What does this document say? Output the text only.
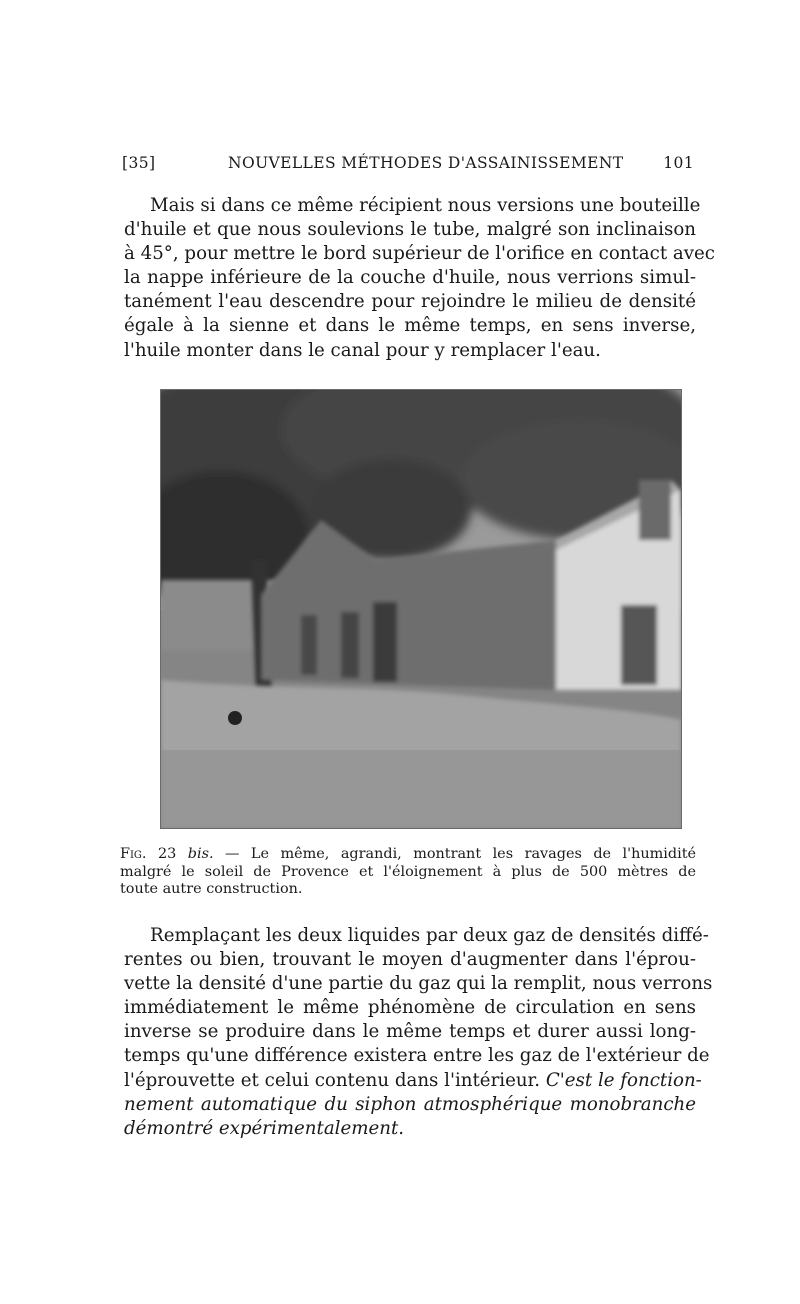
[35]	NOUVELLES MÉTHODES D'ASSAINISSEMENT	101

Mais si dans ce même récipient nous versions une bouteille
d'huile et que nous soulevions le tube, malgré son inclinaison
à 45°, pour mettre le bord supérieur de l'orifice en contact avec
la nappe inférieure de la couche d'huile, nous verrions simul-
tanément l'eau descendre pour rejoindre le milieu de densité
égale à la sienne et dans le même temps, en sens inverse,
l'huile monter dans le canal pour y remplacer l'eau.

Fig. 23 bis. — Le même, agrandi, montrant les ravages de l'humidité
malgré le soleil de Provence et l'éloignement à plus de 500 mètres de
toute autre construction.

Remplaçant les deux liquides par deux gaz de densités diffé-
rentes ou bien, trouvant le moyen d'augmenter dans l'éprou-
vette la densité d'une partie du gaz qui la remplit, nous verrons
immédiatement le même phénomène de circulation en sens
inverse se produire dans le même temps et durer aussi long-
temps qu'une différence existera entre les gaz de l'extérieur de
l'éprouvette et celui contenu dans l'intérieur. C'est le fonction-
nement automatique du siphon atmosphérique monobranche
démontré expérimentalement.
